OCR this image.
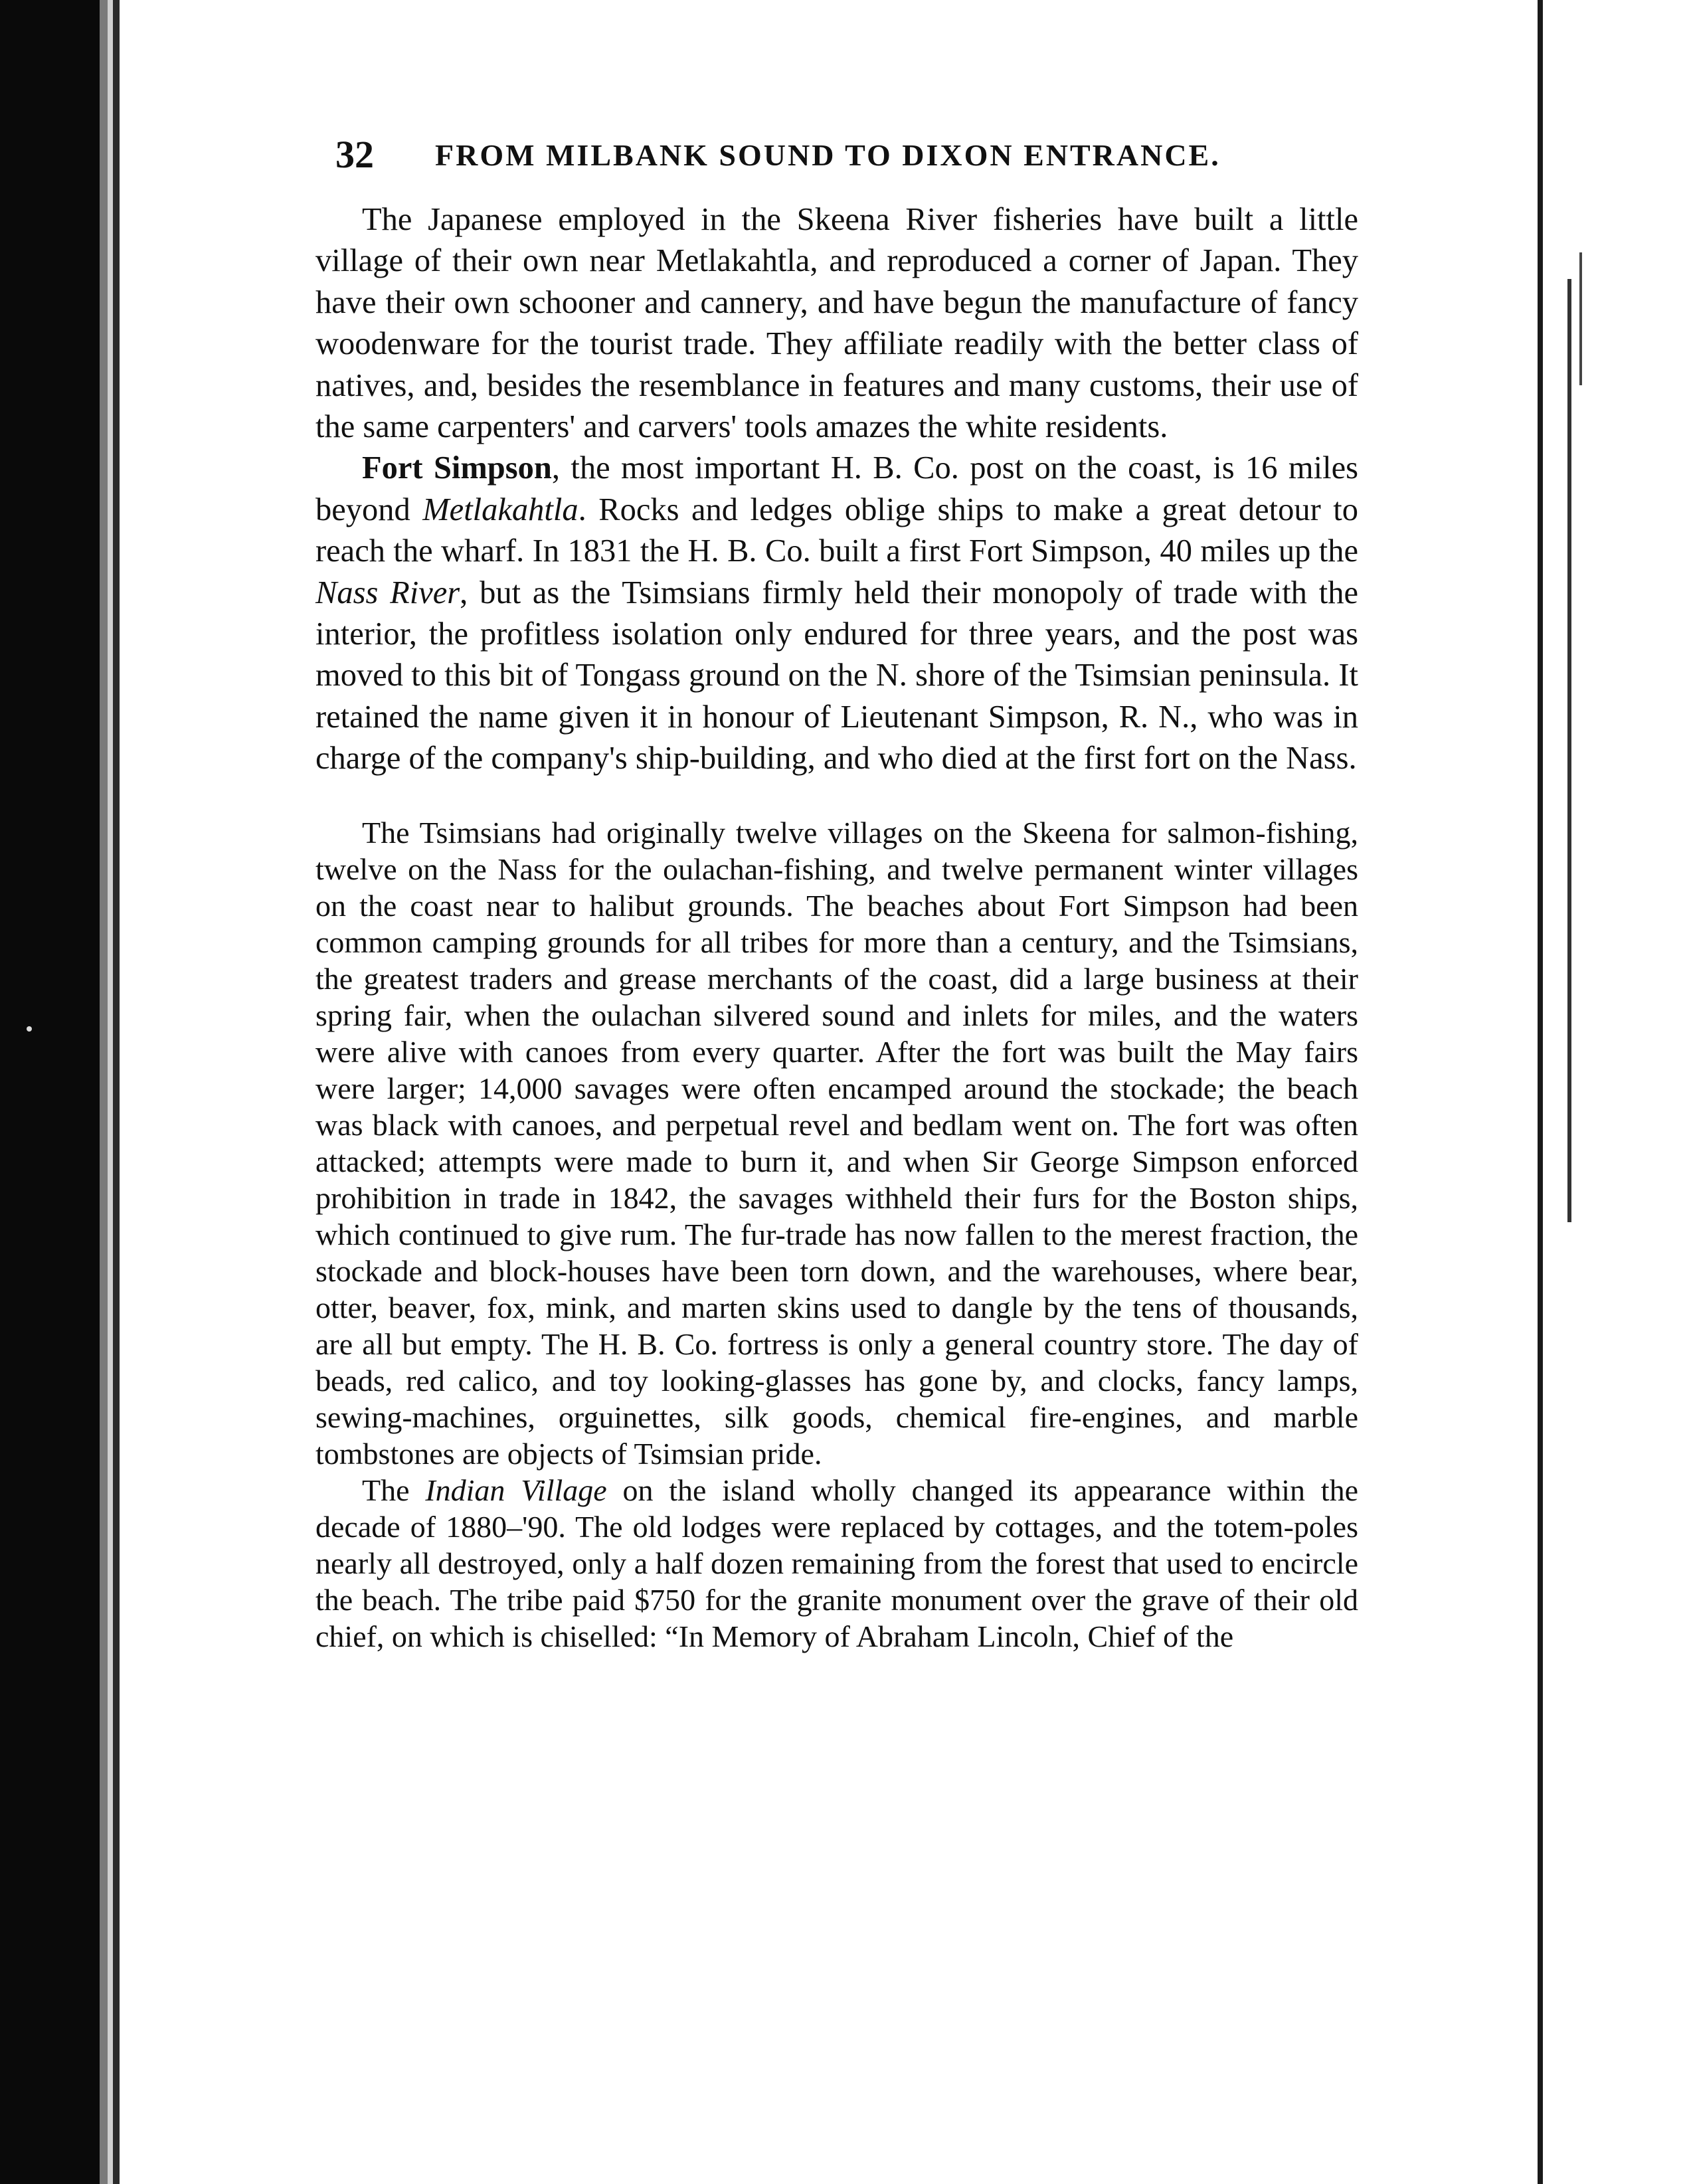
32 FROM MILBANK SOUND TO DIXON ENTRANCE.

The Japanese employed in the Skeena River fisheries have built a little village of their own near Metlakahtla, and reproduced a corner of Japan. They have their own schooner and cannery, and have begun the manufacture of fancy woodenware for the tourist trade. They affiliate readily with the better class of natives, and, besides the resemblance in features and many customs, their use of the same carpenters' and carvers' tools amazes the white residents.

Fort Simpson, the most important H. B. Co. post on the coast, is 16 miles beyond Metlakahtla. Rocks and ledges oblige ships to make a great detour to reach the wharf. In 1831 the H. B. Co. built a first Fort Simpson, 40 miles up the Nass River, but as the Tsimsians firmly held their monopoly of trade with the interior, the profitless isolation only endured for three years, and the post was moved to this bit of Tongass ground on the N. shore of the Tsimsian peninsula. It retained the name given it in honour of Lieutenant Simpson, R. N., who was in charge of the company's ship-building, and who died at the first fort on the Nass.

The Tsimsians had originally twelve villages on the Skeena for salmon-fishing, twelve on the Nass for the oulachan-fishing, and twelve permanent winter villages on the coast near to halibut grounds. The beaches about Fort Simpson had been common camping grounds for all tribes for more than a century, and the Tsimsians, the greatest traders and grease merchants of the coast, did a large business at their spring fair, when the oulachan silvered sound and inlets for miles, and the waters were alive with canoes from every quarter. After the fort was built the May fairs were larger; 14,000 savages were often encamped around the stockade; the beach was black with canoes, and perpetual revel and bedlam went on. The fort was often attacked; attempts were made to burn it, and when Sir George Simpson enforced prohibition in trade in 1842, the savages withheld their furs for the Boston ships, which continued to give rum. The fur-trade has now fallen to the merest fraction, the stockade and block-houses have been torn down, and the warehouses, where bear, otter, beaver, fox, mink, and marten skins used to dangle by the tens of thousands, are all but empty. The H. B. Co. fortress is only a general country store. The day of beads, red calico, and toy looking-glasses has gone by, and clocks, fancy lamps, sewing-machines, orguinettes, silk goods, chemical fire-engines, and marble tombstones are objects of Tsimsian pride.

The Indian Village on the island wholly changed its appearance within the decade of 1880–'90. The old lodges were replaced by cottages, and the totem-poles nearly all destroyed, only a half dozen remaining from the forest that used to encircle the beach. The tribe paid $750 for the granite monument over the grave of their old chief, on which is chiselled: “In Memory of Abraham Lincoln, Chief of the
